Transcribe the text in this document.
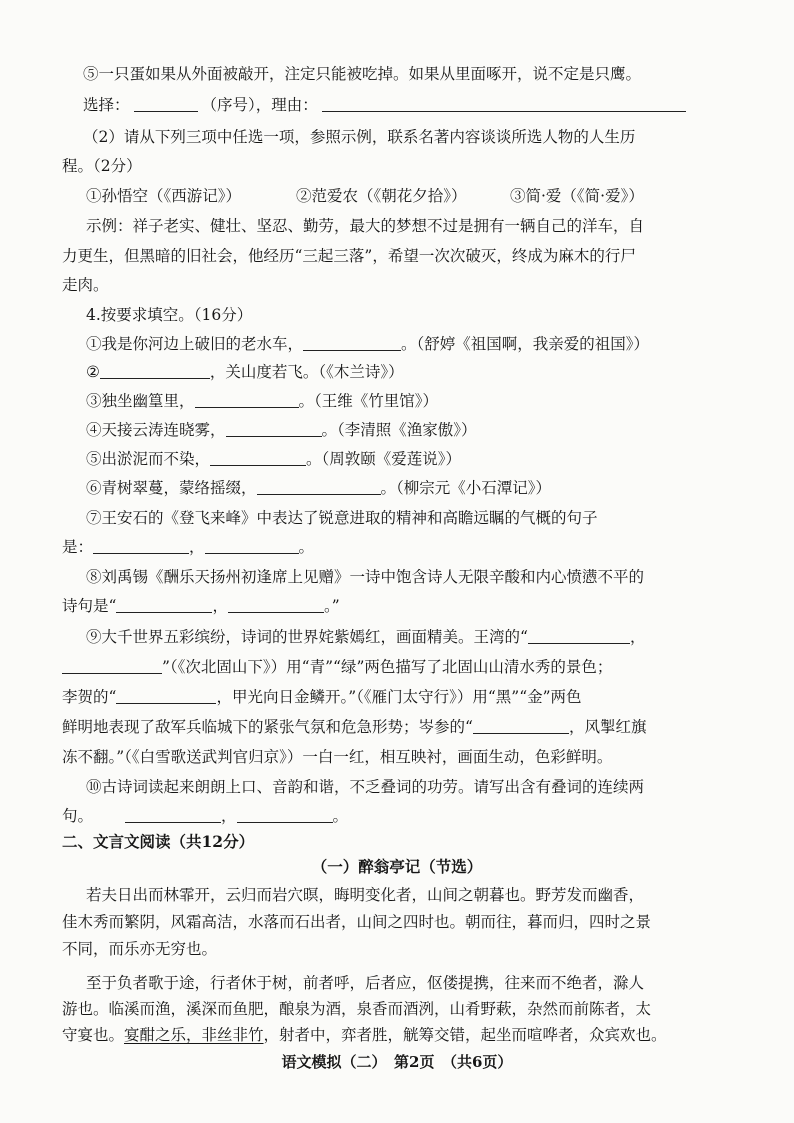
⑤一只蛋如果从外面被敲开，注定只能被吃掉。如果从里面啄开，说不定是只鹰。
选择：	（序号），理由：
（2）请从下列三项中任选一项，参照示例，联系名著内容谈谈所选人物的人生历
程。（2分）
①孙悟空（《西游记》）	②范爱农（《朝花夕拾》）	③简·爱（《简·爱》）
示例：祥子老实、健壮、坚忍、勤劳，最大的梦想不过是拥有一辆自己的洋车，自
力更生，但黑暗的旧社会，他经历“三起三落”，希望一次次破灭，终成为麻木的行尸
走肉。
4.按要求填空。（16分）
①我是你河边上破旧的老水车，	。（舒婷《祖国啊，我亲爱的祖国》）
②	，关山度若飞。（《木兰诗》）
③独坐幽篁里，	。（王维《竹里馆》）
④天接云涛连晓雾，	。（李清照《渔家傲》）
⑤出淤泥而不染，	。（周敦颐《爱莲说》）
⑥青树翠蔓，蒙络摇缀，	。（柳宗元《小石潭记》）
⑦王安石的《登飞来峰》中表达了锐意进取的精神和高瞻远瞩的气概的句子
是：	，	。
⑧刘禹锡《酬乐天扬州初逢席上见赠》一诗中饱含诗人无限辛酸和内心愤懑不平的
诗句是“	，	。”
⑨大千世界五彩缤纷，诗词的世界姹紫嫣红，画面精美。王湾的“	，
”（《次北固山下》）用“青”“绿”两色描写了北固山山清水秀的景色；
李贺的“	，甲光向日金鳞开。”（《雁门太守行》）用“黑”“金”两色
鲜明地表现了敌军兵临城下的紧张气氛和危急形势；岑参的“	，风掣红旗
冻不翻。”（《白雪歌送武判官归京》）一白一红，相互映衬，画面生动，色彩鲜明。
⑩古诗词读起来朗朗上口、音韵和谐，不乏叠词的功劳。请写出含有叠词的连续两
句。	，	。
二、文言文阅读（共12分）
（一）醉翁亭记（节选）
若夫日出而林霏开，云归而岩穴暝，晦明变化者，山间之朝暮也。野芳发而幽香，
佳木秀而繁阴，风霜高洁，水落而石出者，山间之四时也。朝而往，暮而归，四时之景
不同，而乐亦无穷也。
至于负者歌于途，行者休于树，前者呼，后者应，伛偻提携，往来而不绝者，滁人
游也。临溪而渔，溪深而鱼肥，酿泉为酒，泉香而酒洌，山肴野蔌，杂然而前陈者，太
守宴也。宴酣之乐，非丝非竹，射者中，弈者胜，觥筹交错，起坐而喧哗者，众宾欢也。
语文模拟（二）　第2页　（共6页）
